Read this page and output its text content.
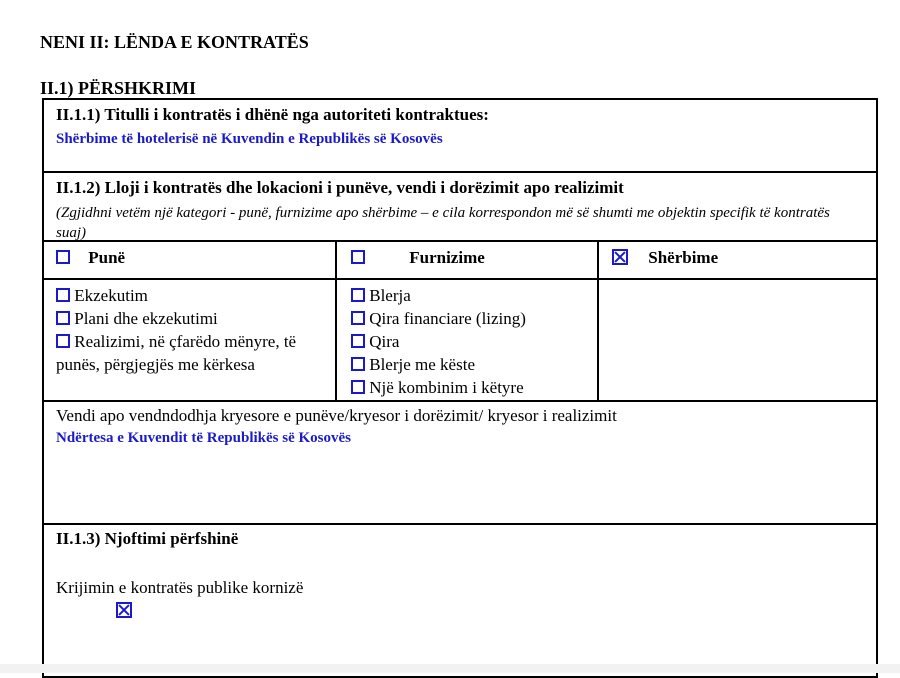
NENI II: LËNDA E KONTRATËS
II.1) PËRSHKRIMI
II.1.1) Titulli i kontratës i dhënë nga autoriteti kontraktues:
Shërbime të hotelerisë në Kuvendin e Republikës së Kosovës
II.1.2) Lloji i kontratës dhe lokacioni i punëve, vendi i dorëzimit apo realizimit
(Zgjidhni vetëm një kategori - punë, furnizime apo shërbime – e cila korrespondon më së shumti me objektin specifik të kontratës suaj)
Punë	Furnizime	Shërbime
Ekzekutim
Plani dhe ekzekutimi
Realizimi, në çfarëdo mënyre, të punës, përgjegjës me kërkesa
Blerja
Qira financiare (lizing)
Qira
Blerje me këste
Një kombinim i këtyre
Vendi apo vendndodhja kryesore e punëve/kryesor i dorëzimit/ kryesor i realizimit
Ndërtesa e Kuvendit të Republikës së Kosovës
II.1.3) Njoftimi përfshinë
Krijimin e kontratës publike kornizë
